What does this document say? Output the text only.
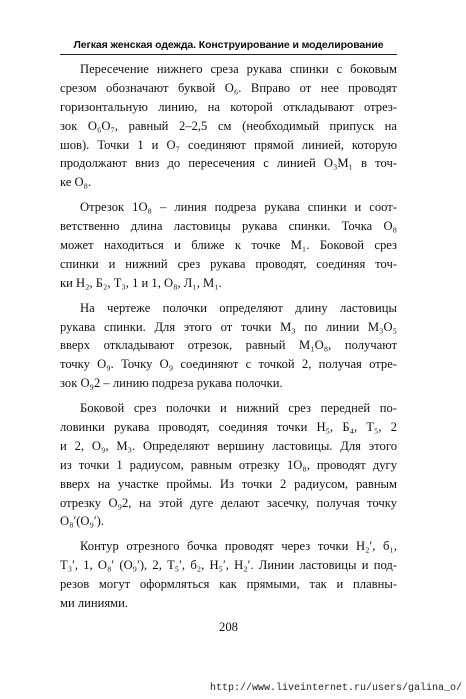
Легкая женская одежда. Конструирование и моделирование
Пересечение нижнего среза рукава спинки с боковым
срезом обозначают буквой О₆. Вправо от нее проводят
горизонтальную линию, на которой откладывают отрез-
зок О₆О₇, равный 2–2,5 см (необходимый припуск на
шов). Точки 1 и О₇ соединяют прямой линией, которую
продолжают вниз до пересечения с линией О₃М₁ в точ-
ке О₈.
Отрезок 1О₈ – линия подреза рукава спинки и соот-
ветственно длина ластовицы рукава спинки. Точка О₈
может находиться и ближе к точке М₁. Боковой срез
спинки и нижний срез рукава проводят, соединяя точ-
ки Н₂, Б₂, Т₃, 1 и 1, О₈, Л₁, М₁.
На чертеже полочки определяют длину ластовицы
рукава спинки. Для этого от точки М₃ по линии М₃О₅
вверх откладывают отрезок, равный М₁О₈, получают
точку О₉. Точку О₉ соединяют с точкой 2, получая отре-
зок О₉2 – линию подреза рукава полочки.
Боковой срез полочки и нижний срез передней по-
ловинки рукава проводят, соединяя точки Н₅, Б₄, Т₅, 2
и 2, О₉, М₃. Определяют вершину ластовицы. Для этого
из точки 1 радиусом, равным отрезку 1О₈, проводят дугу
вверх на участке проймы. Из точки 2 радиусом, равным
отрезку О₉2, на этой дуге делают засечку, получая точку
О₈′(О₉′).
Контур отрезного бочка проводят через точки Н₂′, б₁,
Т₃′, 1, О₈′ (О₉′), 2, Т₅′, б₂, Н₅′, Н₂′. Линии ластовицы и под-
резов могут оформляться как прямыми, так и плавны-
ми линиями.
208
http://www.liveinternet.ru/users/galina_o/
